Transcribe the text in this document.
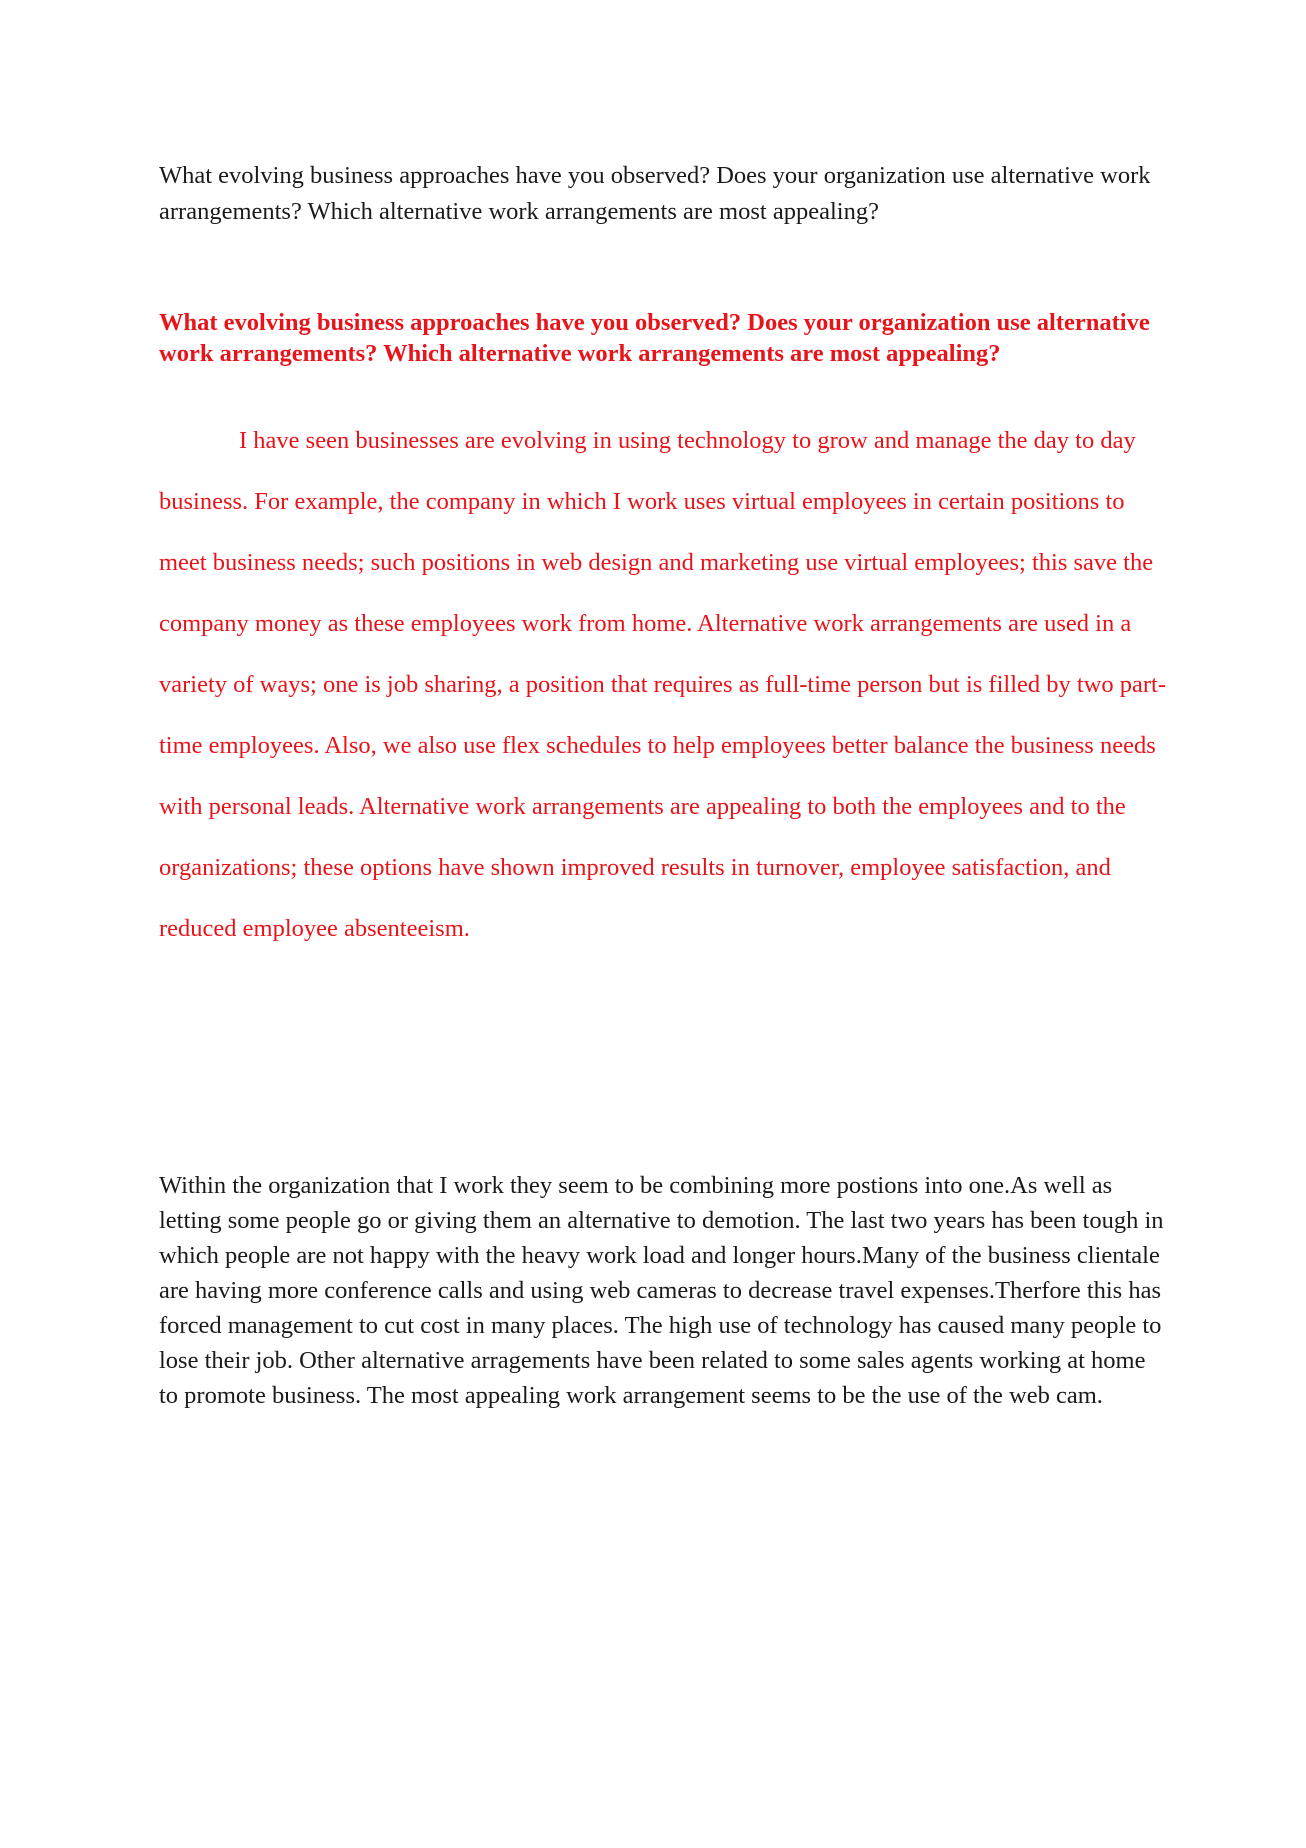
What evolving business approaches have you observed? Does your organization use alternative work arrangements? Which alternative work arrangements are most appealing?

What evolving business approaches have you observed? Does your organization use alternative work arrangements? Which alternative work arrangements are most appealing?

I have seen businesses are evolving in using technology to grow and manage the day to day business. For example, the company in which I work uses virtual employees in certain positions to meet business needs; such positions in web design and marketing use virtual employees; this save the company money as these employees work from home. Alternative work arrangements are used in a variety of ways; one is job sharing, a position that requires as full-time person but is filled by two part-time employees. Also, we also use flex schedules to help employees better balance the business needs with personal leads. Alternative work arrangements are appealing to both the employees and to the organizations; these options have shown improved results in turnover, employee satisfaction, and reduced employee absenteeism.

Within the organization that I work they seem to be combining more postions into one.As well as letting some people go or giving them an alternative to demotion. The last two years has been tough in which people are not happy with the heavy work load and longer hours.Many of the business clientale are having more conference calls and using web cameras to decrease travel expenses.Therfore this has forced management to cut cost in many places. The high use of technology has caused many people to lose their job. Other alternative arragements have been related to some sales agents working at home to promote business. The most appealing work arrangement seems to be the use of the web cam.
